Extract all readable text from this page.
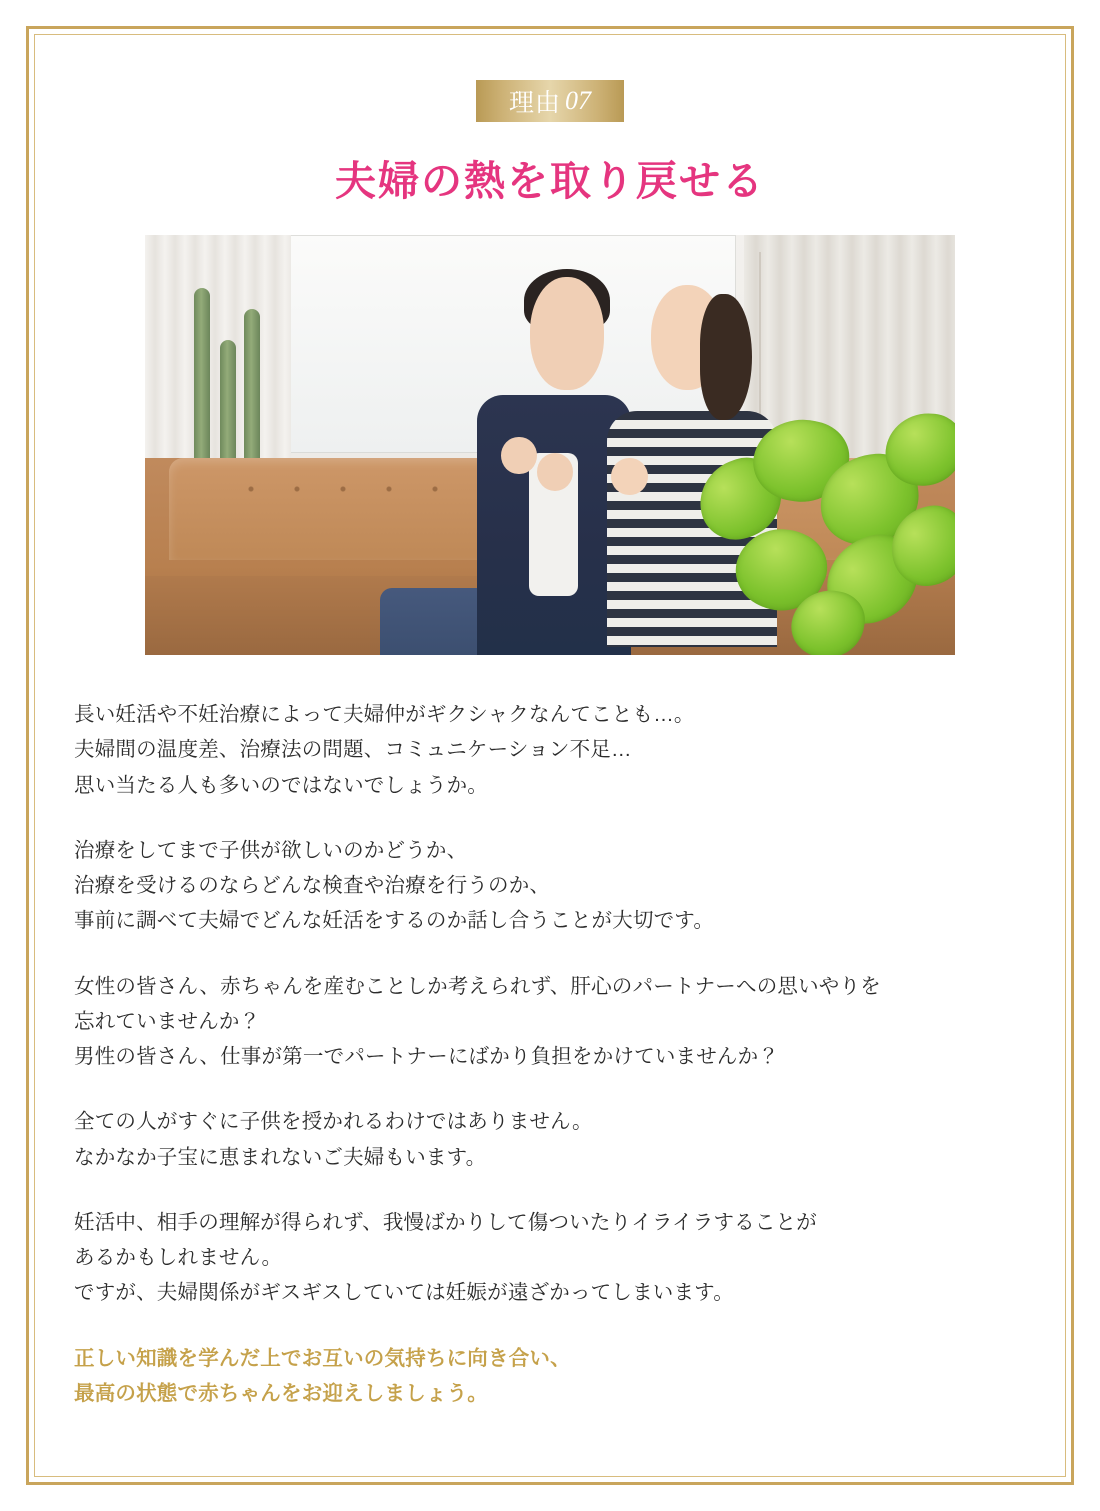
理由 07
夫婦の熱を取り戻せる
長い妊活や不妊治療によって夫婦仲がギクシャクなんてことも…。
夫婦間の温度差、治療法の問題、コミュニケーション不足…
思い当たる人も多いのではないでしょうか。
治療をしてまで子供が欲しいのかどうか、
治療を受けるのならどんな検査や治療を行うのか、
事前に調べて夫婦でどんな妊活をするのか話し合うことが大切です。
女性の皆さん、赤ちゃんを産むことしか考えられず、肝心のパートナーへの思いやりを
忘れていませんか？
男性の皆さん、仕事が第一でパートナーにばかり負担をかけていませんか？
全ての人がすぐに子供を授かれるわけではありません。
なかなか子宝に恵まれないご夫婦もいます。
妊活中、相手の理解が得られず、我慢ばかりして傷ついたりイライラすることが
あるかもしれません。
ですが、夫婦関係がギスギスしていては妊娠が遠ざかってしまいます。
正しい知識を学んだ上でお互いの気持ちに向き合い、
最高の状態で赤ちゃんをお迎えしましょう。
